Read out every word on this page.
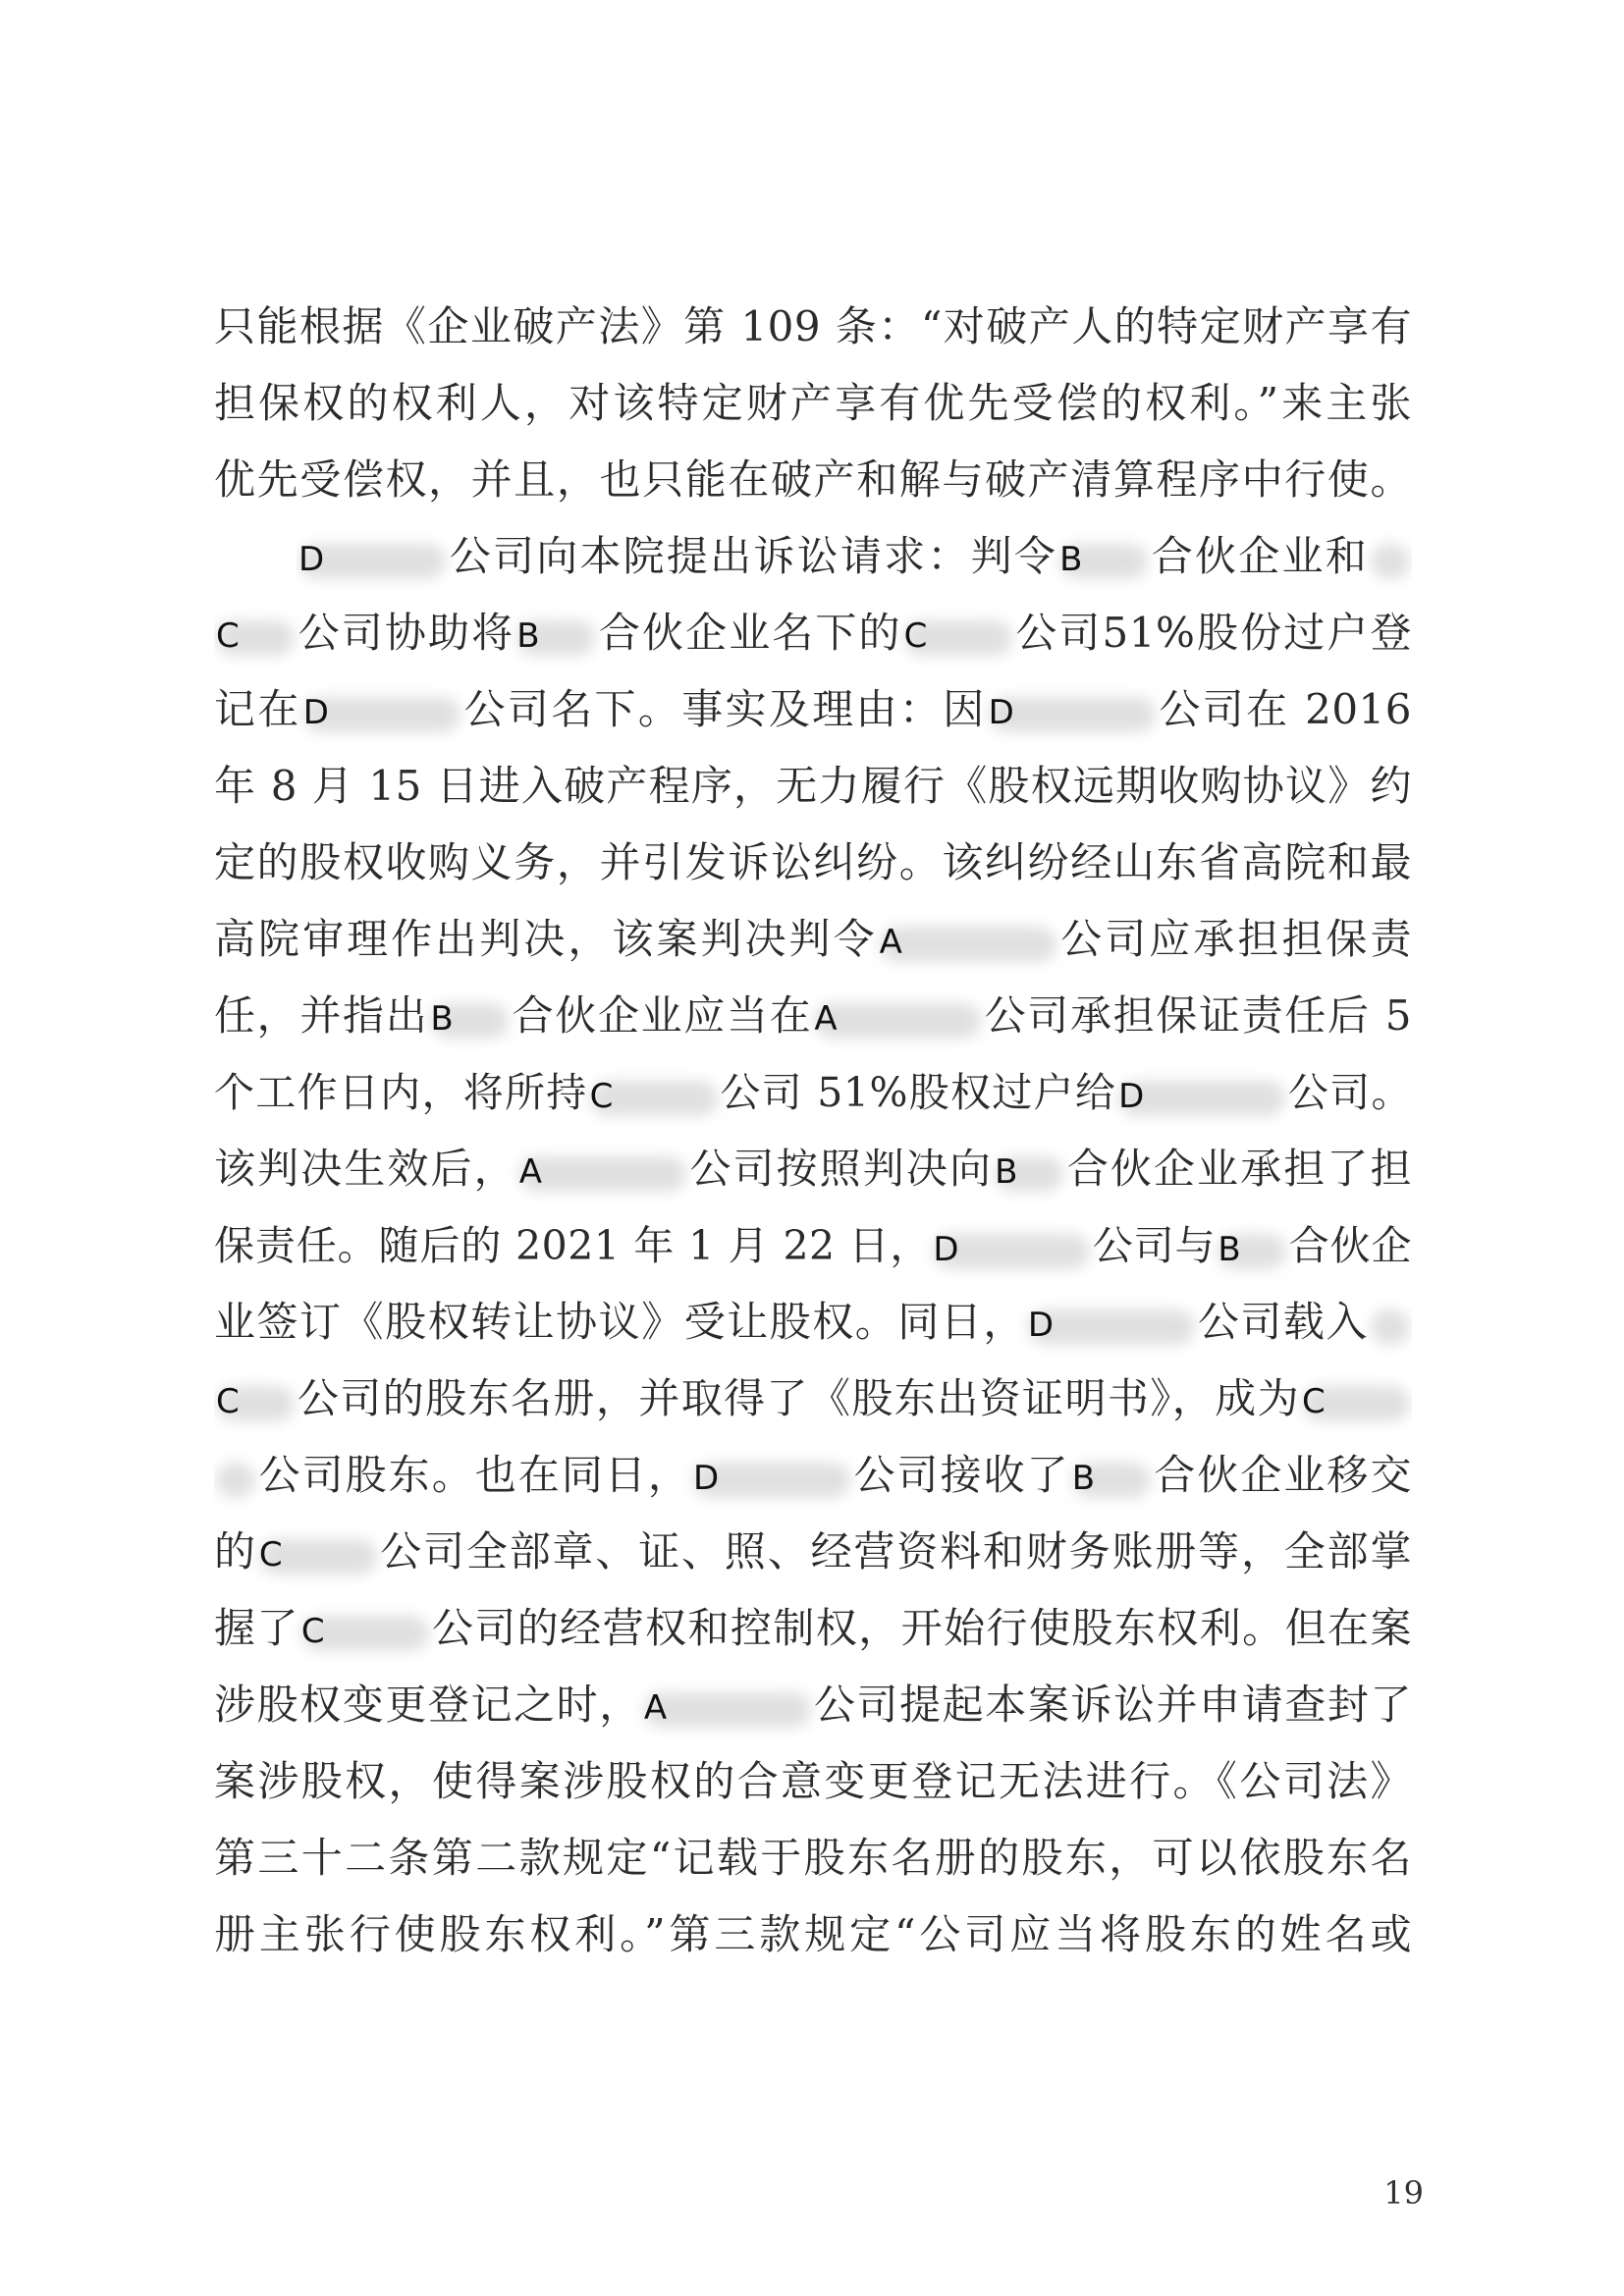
只能根据《企业破产法》第 109 条：“对破产人的特定财产享有
担保权的权利人，对该特定财产享有优先受偿的权利。”来主张
优先受偿权，并且，也只能在破产和解与破产清算程序中行使。
D	公司向本院提出诉讼请求：判令 B	合伙企业和
C	公司协助将 B	合伙企业名下的 C	公司51%股份过户登
记在 D	公司名下。事实及理由：因 D	公司在 2016
年 8 月 15 日进入破产程序，无力履行《股权远期收购协议》约
定的股权收购义务，并引发诉讼纠纷。该纠纷经山东省高院和最
高院审理作出判决，该案判决判令 A	公司应承担担保责
任，并指出 B	合伙企业应当在 A	公司承担保证责任后 5
个工作日内，将所持 C	公司 51%股权过户给 D	公司。
该判决生效后， A	公司按照判决向 B	合伙企业承担了担
保责任。随后的 2021 年 1 月 22 日， D	公司与 B	合伙企
业签订《股权转让协议》受让股权。同日， D	公司载入
C	公司的股东名册，并取得了《股东出资证明书》，成为 C
公司股东。也在同日， D	公司接收了 B	合伙企业移交
的 C	公司全部章、证、照、经营资料和财务账册等，全部掌
握了 C	公司的经营权和控制权，开始行使股东权利。但在案
涉股权变更登记之时， A	公司提起本案诉讼并申请查封了
案涉股权，使得案涉股权的合意变更登记无法进行。《公司法》
第三十二条第二款规定“记载于股东名册的股东，可以依股东名
册主张行使股东权利。”第三款规定“公司应当将股东的姓名或
19
